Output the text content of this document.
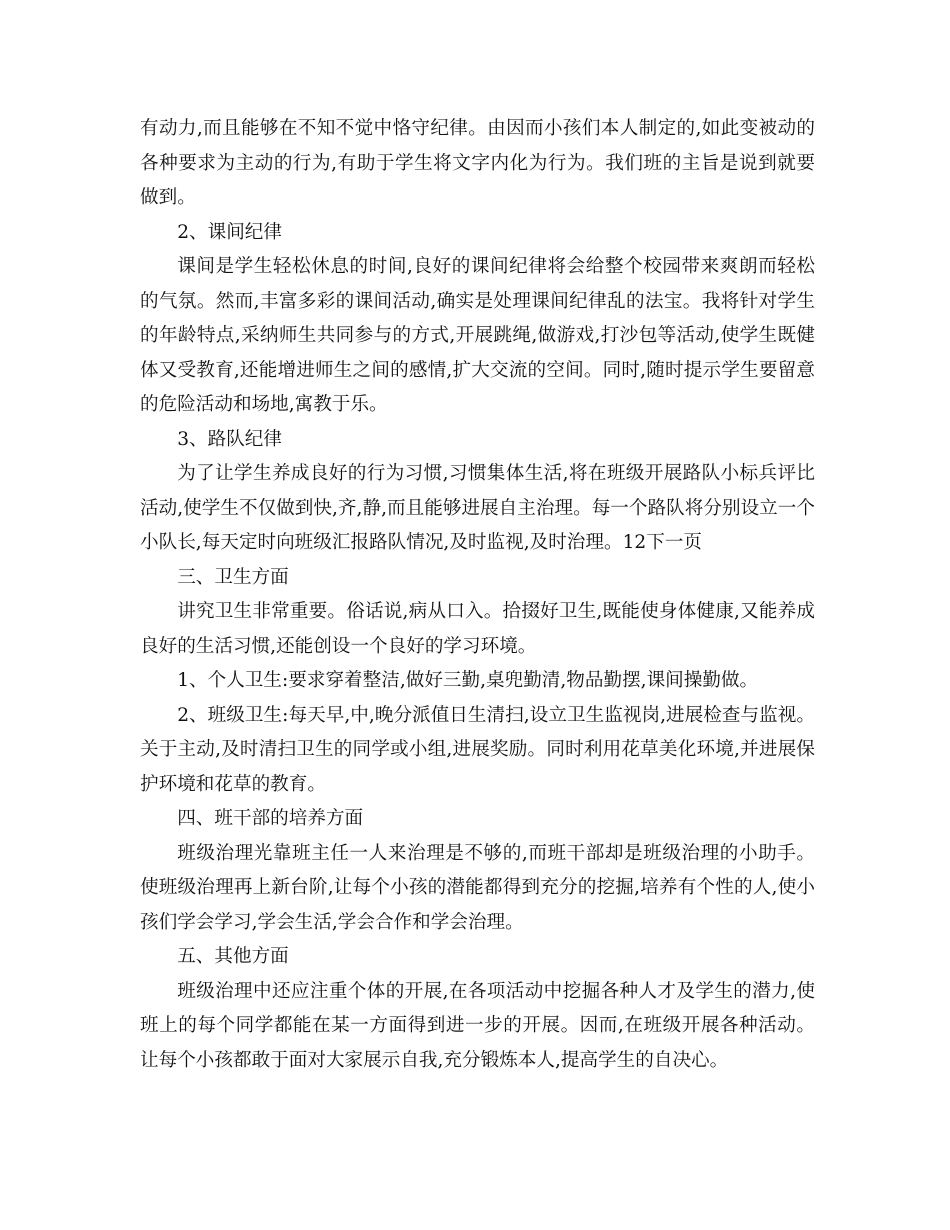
有动力,而且能够在不知不觉中恪守纪律。由因而小孩们本人制定的,如此变被动的各种要求为主动的行为,有助于学生将文字内化为行为。我们班的主旨是说到就要做到。

2、课间纪律

课间是学生轻松休息的时间,良好的课间纪律将会给整个校园带来爽朗而轻松的气氛。然而,丰富多彩的课间活动,确实是处理课间纪律乱的法宝。我将针对学生的年龄特点,采纳师生共同参与的方式,开展跳绳,做游戏,打沙包等活动,使学生既健体又受教育,还能增进师生之间的感情,扩大交流的空间。同时,随时提示学生要留意的危险活动和场地,寓教于乐。

3、路队纪律

为了让学生养成良好的行为习惯,习惯集体生活,将在班级开展路队小标兵评比活动,使学生不仅做到快,齐,静,而且能够进展自主治理。每一个路队将分别设立一个小队长,每天定时向班级汇报路队情况,及时监视,及时治理。12下一页

三、卫生方面

讲究卫生非常重要。俗话说,病从口入。拾掇好卫生,既能使身体健康,又能养成良好的生活习惯,还能创设一个良好的学习环境。

1、个人卫生:要求穿着整洁,做好三勤,桌兜勤清,物品勤摆,课间操勤做。

2、班级卫生:每天早,中,晚分派值日生清扫,设立卫生监视岗,进展检查与监视。关于主动,及时清扫卫生的同学或小组,进展奖励。同时利用花草美化环境,并进展保护环境和花草的教育。

四、班干部的培养方面

班级治理光靠班主任一人来治理是不够的,而班干部却是班级治理的小助手。使班级治理再上新台阶,让每个小孩的潜能都得到充分的挖掘,培养有个性的人,使小孩们学会学习,学会生活,学会合作和学会治理。

五、其他方面

班级治理中还应注重个体的开展,在各项活动中挖掘各种人才及学生的潜力,使班上的每个同学都能在某一方面得到进一步的开展。因而,在班级开展各种活动。让每个小孩都敢于面对大家展示自我,充分锻炼本人,提高学生的自决心。
